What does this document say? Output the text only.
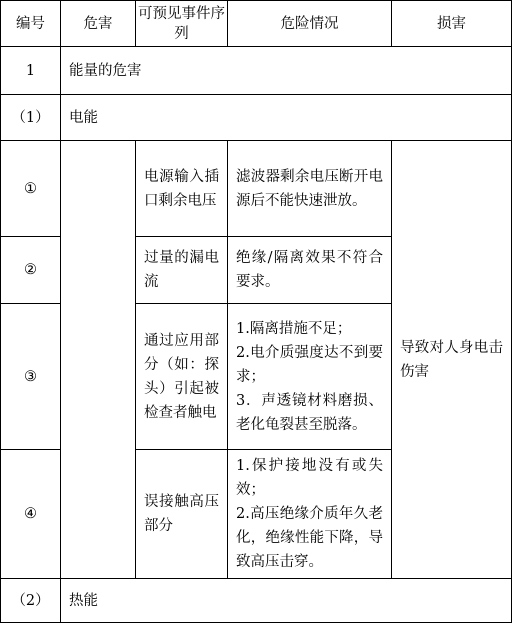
编号	危害	可预见事件序列	危险情况	损害
1	能量的危害			
（1）	电能			
①		电源输入插口剩余电压	滤波器剩余电压断开电源后不能快速泄放。	导致对人身电击伤害
②		过量的漏电流	绝缘/隔离效果不符合要求。	
③		通过应用部分（如：探头）引起被检查者触电	1.隔离措施不足；
2.电介质强度达不到要求；
3．声透镜材料磨损、老化龟裂甚至脱落。	

④		误接触高压部分	1.保护接地没有或失效；
2.高压绝缘介质年久老化，绝缘性能下降，导致高压击穿。	

（2）	热能			
